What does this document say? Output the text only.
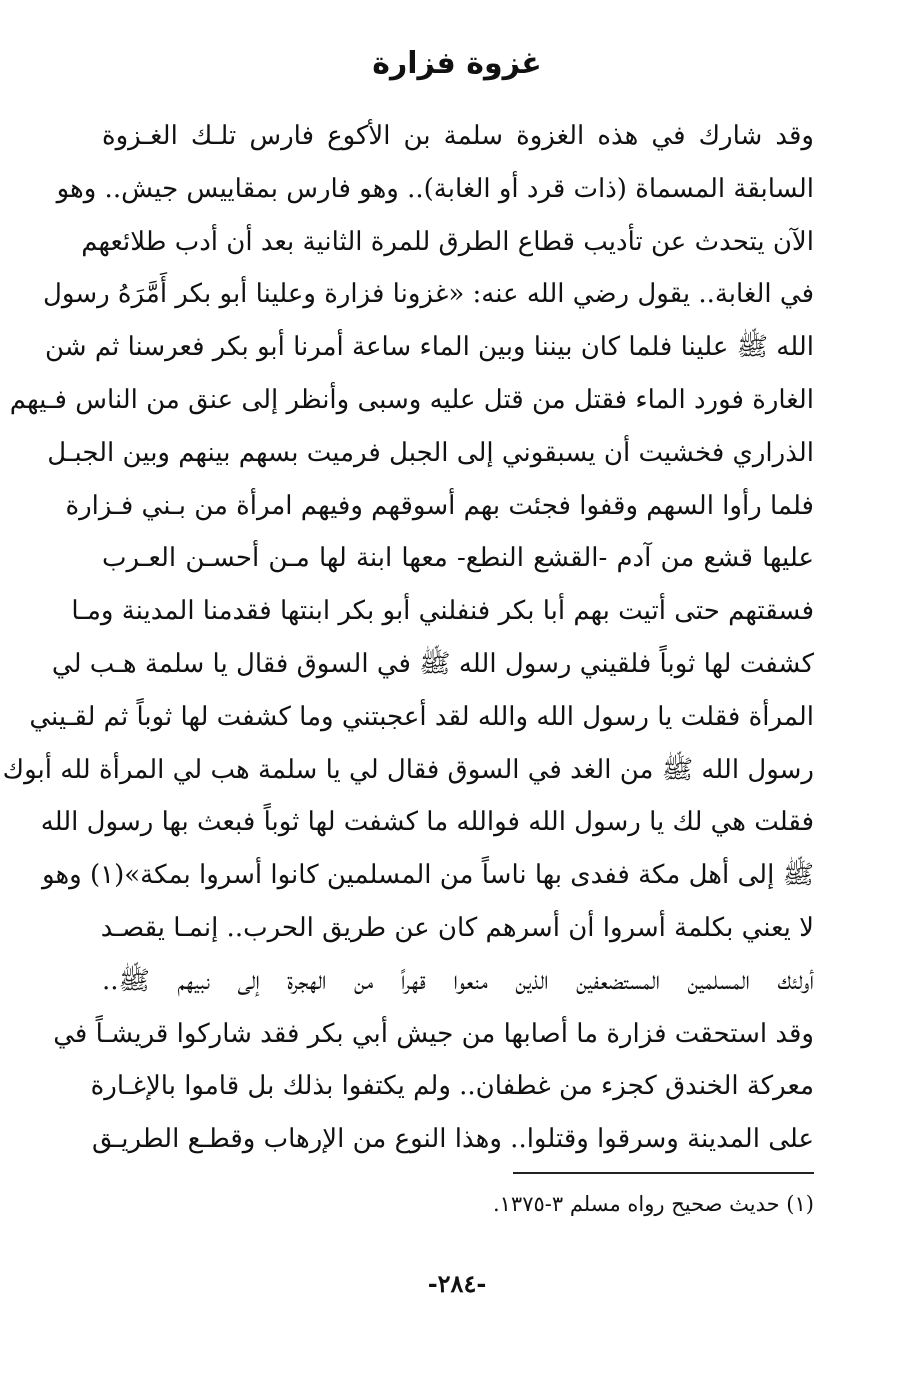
غزوة فزارة
وقد شارك في هذه الغزوة سلمة بن الأكوع فارس تلـك الغـزوة
السابقة المسماة (ذات قرد أو الغابة).. وهو فارس بمقاييس جيش.. وهو
الآن يتحدث عن تأديب قطاع الطرق للمرة الثانية بعد أن أدب طلائعهم
في الغابة.. يقول رضي الله عنه: «غزونا فزارة وعلينا أبو بكر أَمَّرَهُ رسول
الله ﷺ علينا فلما كان بيننا وبين الماء ساعة أمرنا أبو بكر فعرسنا ثم شن
الغارة فورد الماء فقتل من قتل عليه وسبى وأنظر إلى عنق من الناس فـيهم
الذراري فخشيت أن يسبقوني إلى الجبل فرميت بسهم بينهم وبين الجبـل
فلما رأوا السهم وقفوا فجئت بهم أسوقهم وفيهم امرأة من بـني فـزارة
عليها قشع من آدم -القشع النطع- معها ابنة لها مـن أحسـن العـرب
فسقتهم حتى أتيت بهم أبا بكر فنفلني أبو بكر ابنتها فقدمنا المدينة ومـا
كشفت لها ثوباً فلقيني رسول الله ﷺ في السوق فقال يا سلمة هـب لي
المرأة فقلت يا رسول الله والله لقد أعجبتني وما كشفت لها ثوباً ثم لقـيني
رسول الله ﷺ من الغد في السوق فقال لي يا سلمة هب لي المرأة لله أبوك
فقلت هي لك يا رسول الله فوالله ما كشفت لها ثوباً فبعث بها رسول الله
ﷺ إلى أهل مكة ففدى بها ناساً من المسلمين كانوا أسروا بمكة»(١) وهو
لا يعني بكلمة أسروا أن أسرهم كان عن طريق الحرب.. إنمـا يقصـد
أولئك المسلمين المستضعفين الذين منعوا قهراً من الهجرة إلى نبيهم ﷺ..
وقد استحقت فزارة ما أصابها من جيش أبي بكر فقد شاركوا قريشـاً في
معركة الخندق كجزء من غطفان.. ولم يكتفوا بذلك بل قاموا بالإغـارة
على المدينة وسرقوا وقتلوا.. وهذا النوع من الإرهاب وقطـع الطريـق
(١) حديث صحيح رواه مسلم ٣-١٣٧٥.
-٢٨٤-
